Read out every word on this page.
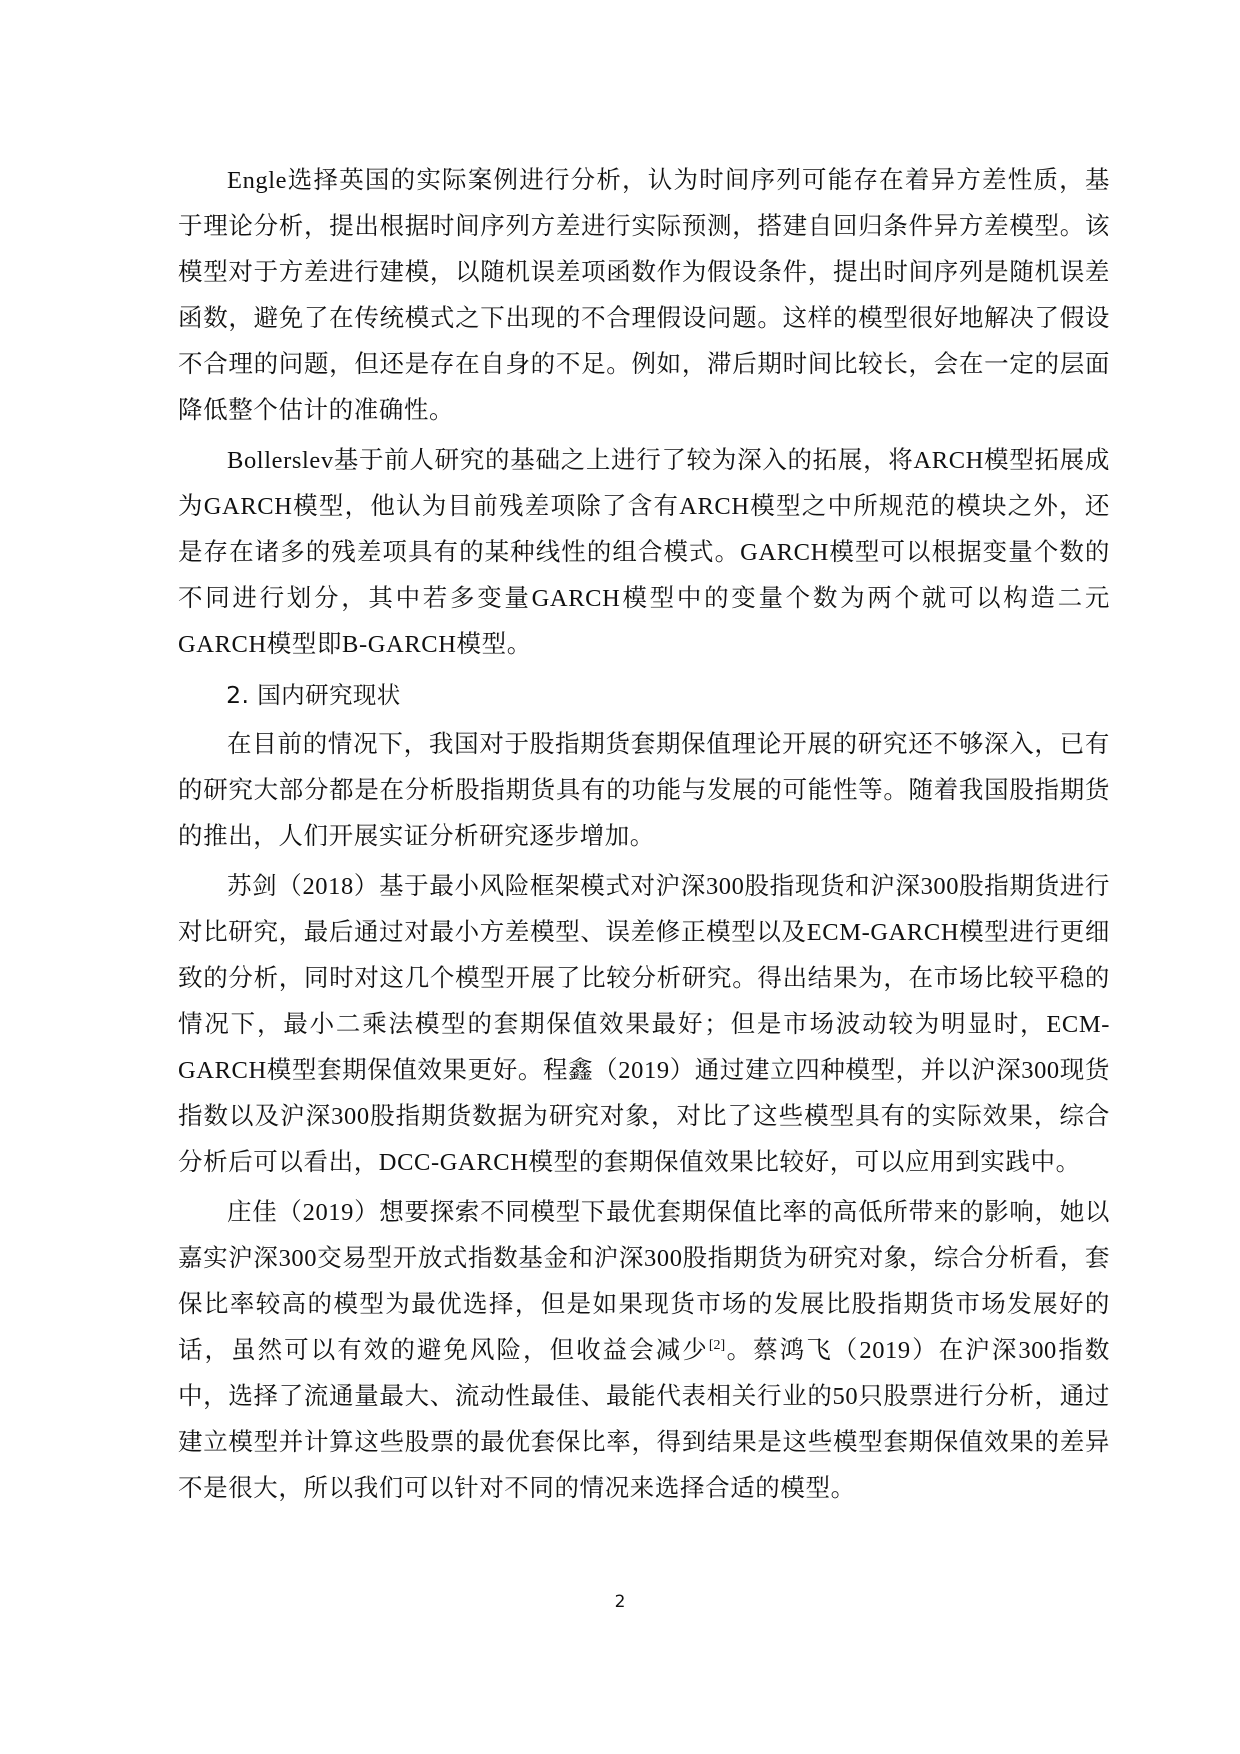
Engle选择英国的实际案例进行分析，认为时间序列可能存在着异方差性质，基于理论分析，提出根据时间序列方差进行实际预测，搭建自回归条件异方差模型。该模型对于方差进行建模，以随机误差项函数作为假设条件，提出时间序列是随机误差函数，避免了在传统模式之下出现的不合理假设问题。这样的模型很好地解决了假设不合理的问题，但还是存在自身的不足。例如，滞后期时间比较长，会在一定的层面降低整个估计的准确性。

Bollerslev基于前人研究的基础之上进行了较为深入的拓展，将ARCH模型拓展成为GARCH模型，他认为目前残差项除了含有ARCH模型之中所规范的模块之外，还是存在诸多的残差项具有的某种线性的组合模式。GARCH模型可以根据变量个数的不同进行划分，其中若多变量GARCH模型中的变量个数为两个就可以构造二元GARCH模型即B-GARCH模型。

2. 国内研究现状

在目前的情况下，我国对于股指期货套期保值理论开展的研究还不够深入，已有的研究大部分都是在分析股指期货具有的功能与发展的可能性等。随着我国股指期货的推出，人们开展实证分析研究逐步增加。

苏剑（2018）基于最小风险框架模式对沪深300股指现货和沪深300股指期货进行对比研究，最后通过对最小方差模型、误差修正模型以及ECM-GARCH模型进行更细致的分析，同时对这几个模型开展了比较分析研究。得出结果为，在市场比较平稳的情况下，最小二乘法模型的套期保值效果最好；但是市场波动较为明显时，ECM-GARCH模型套期保值效果更好。程鑫（2019）通过建立四种模型，并以沪深300现货指数以及沪深300股指期货数据为研究对象，对比了这些模型具有的实际效果，综合分析后可以看出，DCC-GARCH模型的套期保值效果比较好，可以应用到实践中。

庄佳（2019）想要探索不同模型下最优套期保值比率的高低所带来的影响，她以嘉实沪深300交易型开放式指数基金和沪深300股指期货为研究对象，综合分析看，套保比率较高的模型为最优选择，但是如果现货市场的发展比股指期货市场发展好的话，虽然可以有效的避免风险，但收益会减少[2]。蔡鸿飞（2019）在沪深300指数中，选择了流通量最大、流动性最佳、最能代表相关行业的50只股票进行分析，通过建立模型并计算这些股票的最优套保比率，得到结果是这些模型套期保值效果的差异不是很大，所以我们可以针对不同的情况来选择合适的模型。

2
